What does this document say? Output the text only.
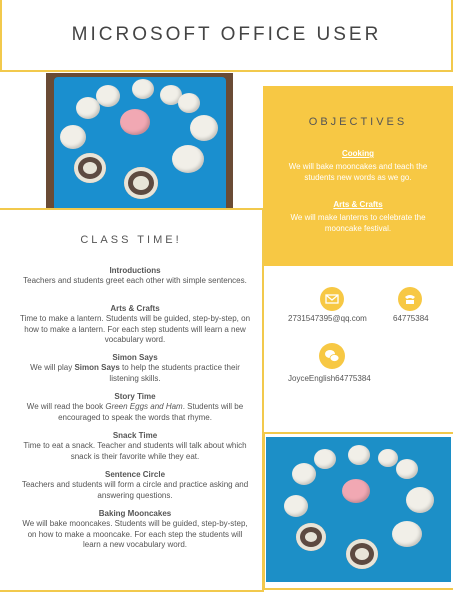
MICROSOFT OFFICE USER
OBJECTIVES
Cooking
We will bake mooncakes and teach the students new words as we go.
Arts & Crafts
We will make lanterns to celebrate the mooncake festival.
CLASS TIME!
Introductions
Teachers and students greet each other with simple sentences.
Arts & Crafts
Time to make a lantern. Students will be guided, step-by-step, on how to make a lantern. For each step students will learn a new vocabulary word.
Simon Says
We will play Simon Says to help the students practice their listening skills.
Story Time
We will read the book Green Eggs and Ham. Students will be encouraged to speak the words that rhyme.
Snack Time
Time to eat a snack. Teacher and students will talk about which snack is their favorite while they eat.
Sentence Circle
Teachers and students will form a circle and practice asking and answering questions.
Baking Mooncakes
We will bake mooncakes. Students will be guided, step-by-step, on how to make a mooncake. For each step the students will learn a new vocabulary word.
2731547395@qq.com	64775384
JoyceEnglish64775384
